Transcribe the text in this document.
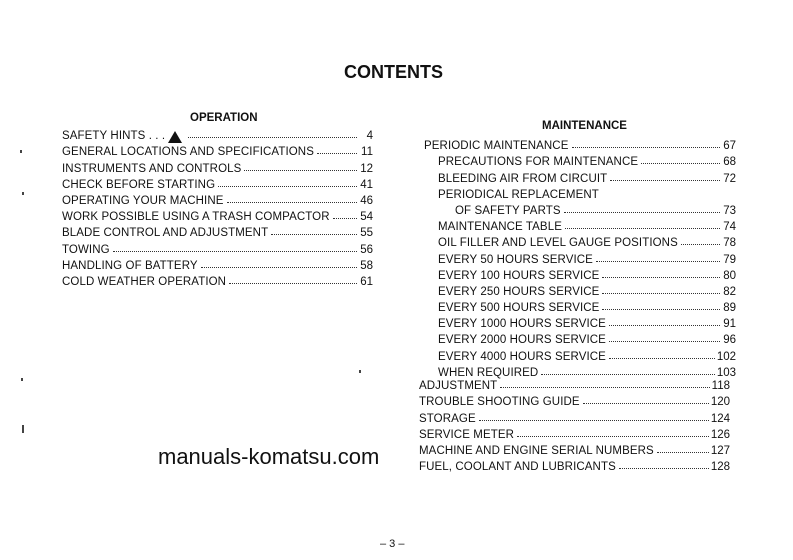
CONTENTS
OPERATION
SAFETY HINTS . . .	4
GENERAL LOCATIONS AND SPECIFICATIONS	11
INSTRUMENTS AND CONTROLS	12
CHECK BEFORE STARTING	41
OPERATING YOUR MACHINE	46
WORK POSSIBLE USING A TRASH COMPACTOR	54
BLADE CONTROL AND ADJUSTMENT	55
TOWING	56
HANDLING OF BATTERY	58
COLD WEATHER OPERATION	61
MAINTENANCE
PERIODIC MAINTENANCE	67
PRECAUTIONS FOR MAINTENANCE	68
BLEEDING AIR FROM CIRCUIT	72
PERIODICAL REPLACEMENT
OF SAFETY PARTS	73
MAINTENANCE TABLE	74
OIL FILLER AND LEVEL GAUGE POSITIONS	78
EVERY 50 HOURS SERVICE	79
EVERY 100 HOURS SERVICE	80
EVERY 250 HOURS SERVICE	82
EVERY 500 HOURS SERVICE	89
EVERY 1000 HOURS SERVICE	91
EVERY 2000 HOURS SERVICE	96
EVERY 4000 HOURS SERVICE	102
WHEN REQUIRED	103
ADJUSTMENT	118
TROUBLE SHOOTING GUIDE	120
STORAGE	124
SERVICE METER	126
MACHINE AND ENGINE SERIAL NUMBERS	127
FUEL, COOLANT AND LUBRICANTS	128
manuals-komatsu.com
– 3 –
